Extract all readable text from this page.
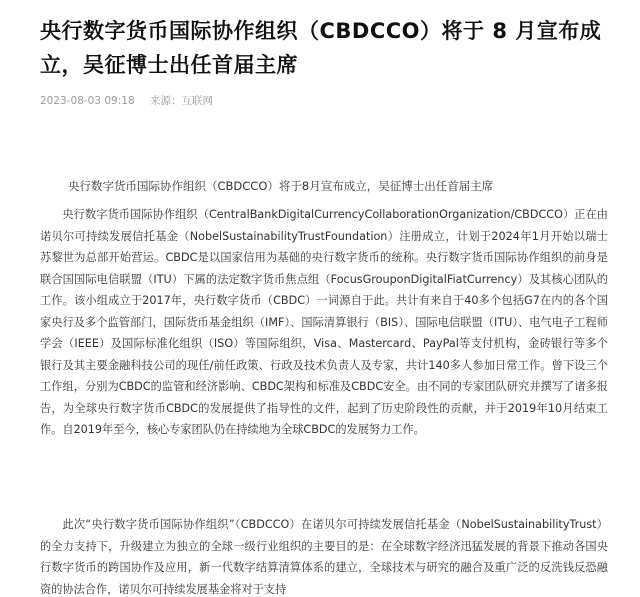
央行数字货币国际协作组织（CBDCCO）将于 8 月宣布成立，吴征博士出任首届主席
2023-08-03 09:18 来源：互联网
央行数字货币国际协作组织（CBDCCO）将于8月宣布成立，吴征博士出任首届主席
央行数字货币国际协作组织（CentralBankDigitalCurrencyCollaborationOrganization/CBDCCO）正在由诺贝尔可持续发展信托基金（NobelSustainabilityTrustFoundation）注册成立，计划于2024年1月开始以瑞士苏黎世为总部开始营运。CBDC是以国家信用为基础的央行数字货币的统称。央行数字货币国际协作组织的前身是联合国国际电信联盟（ITU）下属的法定数字货币焦点组（FocusGrouponDigitalFiatCurrency）及其核心团队的工作。该小组成立于2017年，央行数字货币（CBDC）一词源自于此。共计有来自于40多个包括G7在内的各个国家央行及多个监管部门，国际货币基金组织（IMF）、国际清算银行（BIS）、国际电信联盟（ITU）、电气电子工程师学会（IEEE）及国际标准化组织（ISO）等国际组织，Visa、Mastercard、PayPal等支付机构，金砖银行等多个银行及其主要金融科技公司的现任/前任政策、行政及技术负责人及专家，共计140多人参加日常工作。曾下设三个工作组，分别为CBDC的监管和经济影响、CBDC架构和标准及CBDC安全。由不同的专家团队研究并撰写了诸多报告，为全球央行数字货币CBDC的发展提供了指导性的文件，起到了历史阶段性的贡献，并于2019年10月结束工作。自2019年至今，核心专家团队仍在持续地为全球CBDC的发展努力工作。
此次“央行数字货币国际协作组织”（CBDCCO）在诺贝尔可持续发展信托基金（NobelSustainabilityTrust）的全力支持下，升级建立为独立的全球一级行业组织的主要目的是：在全球数字经济迅猛发展的背景下推动各国央行数字货币的跨国协作及应用，新一代数字结算清算体系的建立，全球技术与研究的融合及重广泛的反洗钱反恐融资的协法合作，诺贝尔可持续发展基金将对于支持
